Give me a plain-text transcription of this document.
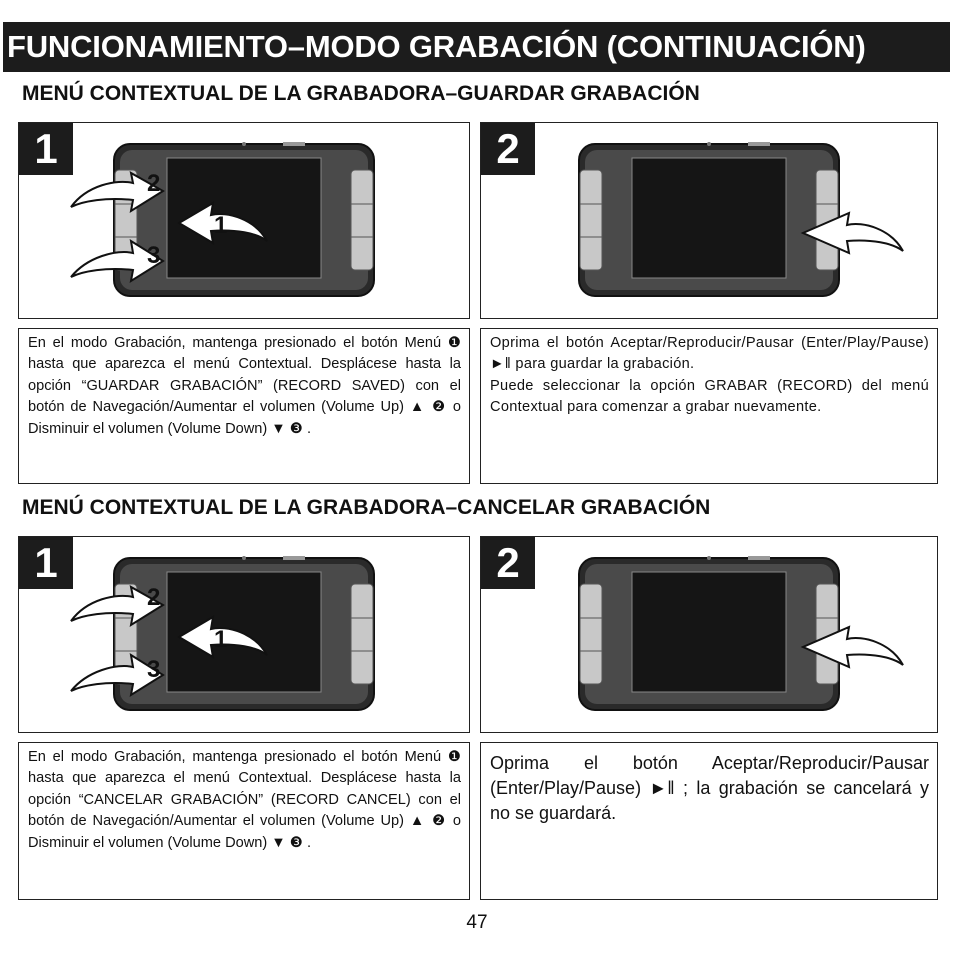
FUNCIONAMIENTO–MODO GRABACIÓN (CONTINUACIÓN)
MENÚ CONTEXTUAL DE LA GRABADORA–GUARDAR GRABACIÓN
1
2
3
1
2
En el modo Grabación, mantenga presionado el botón Menú ❶ hasta que aparezca el menú Contextual. Desplácese hasta la opción “GUARDAR GRABACIÓN” (RECORD SAVED) con el botón de Navegación/Aumentar el volumen (Volume Up) ▲ ❷ o Disminuir el volumen (Volume Down) ▼ ❸ .
Oprima el botón Aceptar/Reproducir/Pausar (Enter/Play/Pause) ►ǁ para guardar la grabación.
Puede seleccionar la opción GRABAR (RECORD) del menú Contextual para comenzar a grabar nuevamente.
MENÚ CONTEXTUAL DE LA GRABADORA–CANCELAR GRABACIÓN
1
2
3
1
2
En el modo Grabación, mantenga presionado el botón Menú ❶ hasta que aparezca el menú Contextual. Desplácese hasta la opción “CANCELAR GRABACIÓN” (RECORD CANCEL) con el botón de Navegación/Aumentar el volumen (Volume Up) ▲ ❷ o Disminuir el volumen (Volume Down) ▼ ❸ .
Oprima el botón Aceptar/Reproducir/Pausar (Enter/Play/Pause) ►ǁ ; la grabación se cancelará y no se guardará.
47
